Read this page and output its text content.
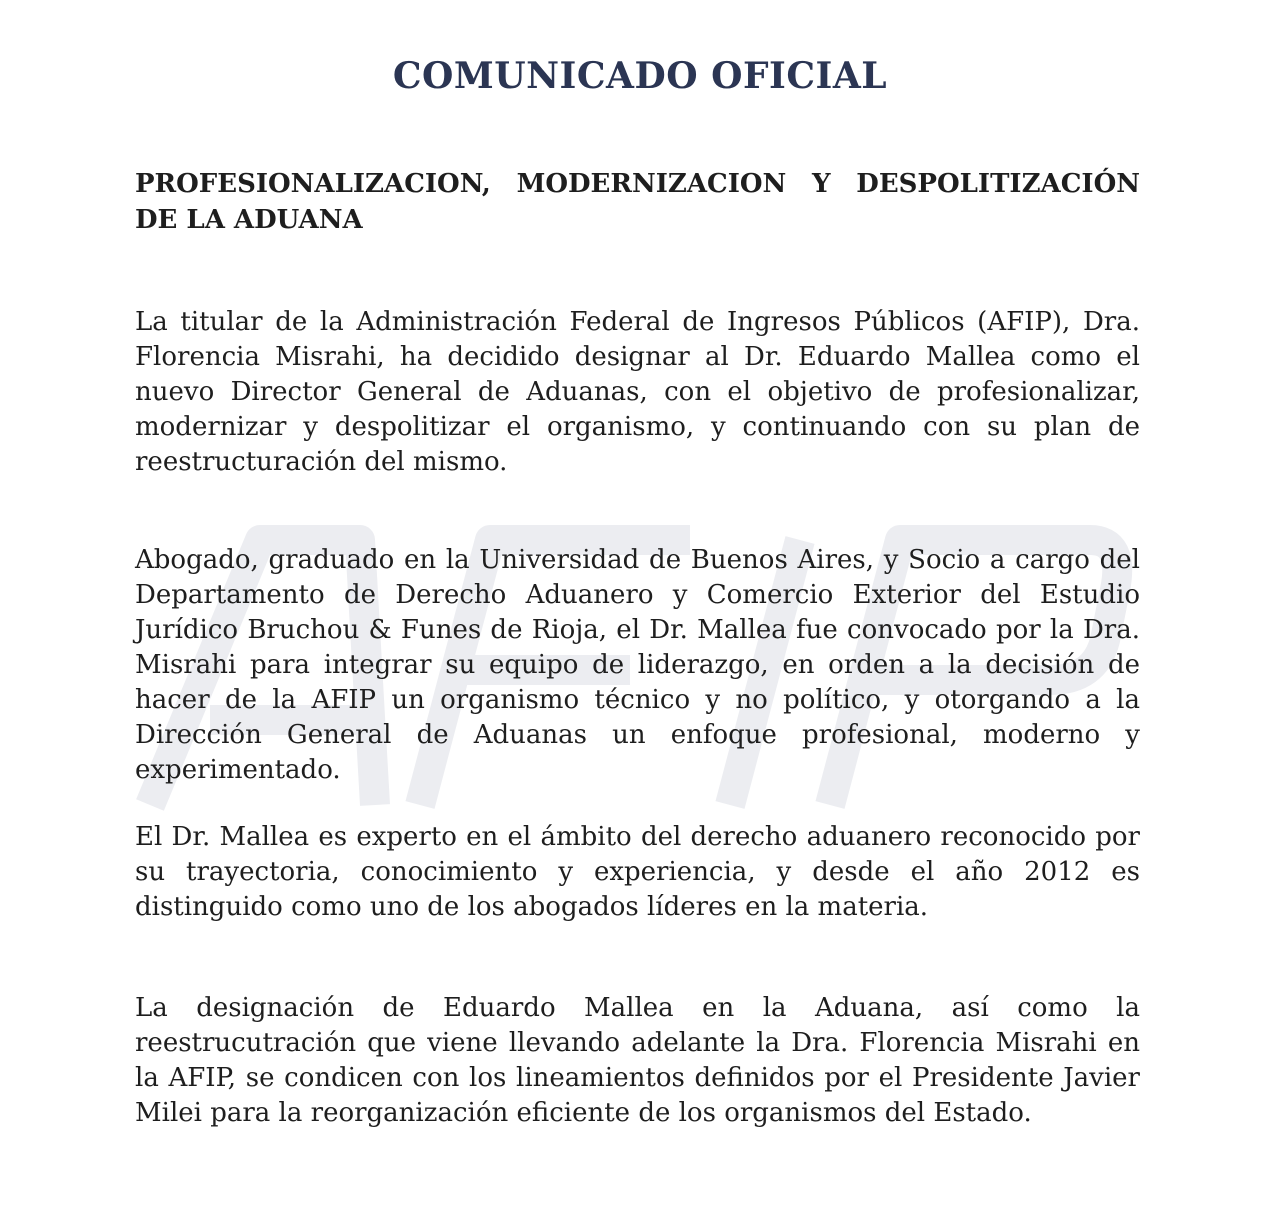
COMUNICADO OFICIAL
PROFESIONALIZACION, MODERNIZACION Y DESPOLITIZACIÓN DE LA ADUANA

La titular de la Administración Federal de Ingresos Públicos (AFIP), Dra. Florencia Misrahi, ha decidido designar al Dr. Eduardo Mallea como el nuevo Director General de Aduanas, con el objetivo de profesionalizar, modernizar y despolitizar el organismo, y continuando con su plan de reestructuración del mismo.

Abogado, graduado en la Universidad de Buenos Aires, y Socio a cargo del Departamento de Derecho Aduanero y Comercio Exterior del Estudio Jurídico Bruchou & Funes de Rioja, el Dr. Mallea fue convocado por la Dra. Misrahi para integrar su equipo de liderazgo, en orden a la decisión de hacer de la AFIP un organismo técnico y no político, y otorgando a la Dirección General de Aduanas un enfoque profesional, moderno y experimentado.

El Dr. Mallea es experto en el ámbito del derecho aduanero reconocido por su trayectoria, conocimiento y experiencia, y desde el año 2012 es distinguido como uno de los abogados líderes en la materia.

La designación de Eduardo Mallea en la Aduana, así como la reestrucutración que viene llevando adelante la Dra. Florencia Misrahi en la AFIP, se condicen con los lineamientos definidos por el Presidente Javier Milei para la reorganización eficiente de los organismos del Estado.
